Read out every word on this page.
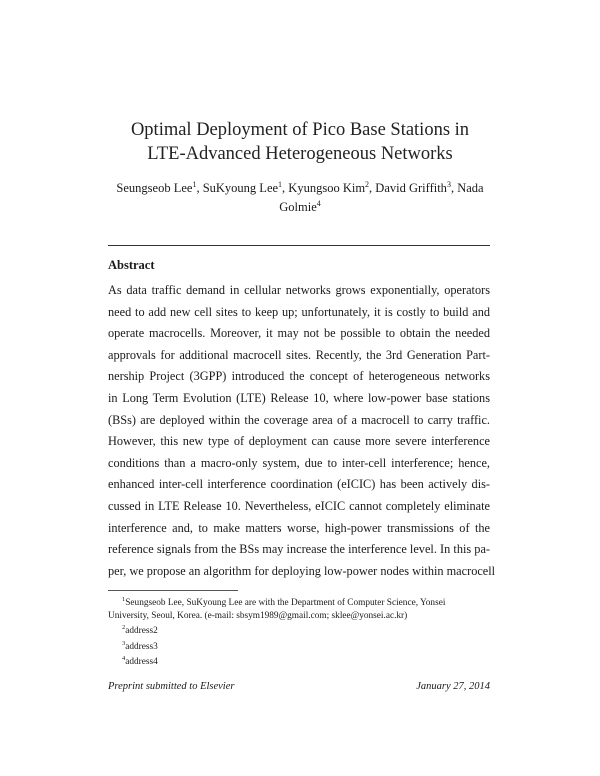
Optimal Deployment of Pico Base Stations in
LTE-Advanced Heterogeneous Networks
Seungseob Lee$^1$, SuKyoung Lee$^1$, Kyungsoo Kim$^2$, David Griffith$^3$, Nada Golmie$^4$
Abstract
As data traffic demand in cellular networks grows exponentially, operators
need to add new cell sites to keep up; unfortunately, it is costly to build and
operate macrocells. Moreover, it may not be possible to obtain the needed
approvals for additional macrocell sites. Recently, the 3rd Generation Part-
nership Project (3GPP) introduced the concept of heterogeneous networks
in Long Term Evolution (LTE) Release 10, where low-power base stations
(BSs) are deployed within the coverage area of a macrocell to carry traffic.
However, this new type of deployment can cause more severe interference
conditions than a macro-only system, due to inter-cell interference; hence,
enhanced inter-cell interference coordination (eICIC) has been actively dis-
cussed in LTE Release 10. Nevertheless, eICIC cannot completely eliminate
interference and, to make matters worse, high-power transmissions of the
reference signals from the BSs may increase the interference level. In this pa-
per, we propose an algorithm for deploying low-power nodes within macrocell
$^1$Seungseob Lee, SuKyoung Lee are with the Department of Computer Science, Yonsei
University, Seoul, Korea. (e-mail: sbsym1989@gmail.com; sklee@yonsei.ac.kr)
$^2$address2
$^3$address3
$^4$address4
Preprint submitted to Elsevier	January 27, 2014
